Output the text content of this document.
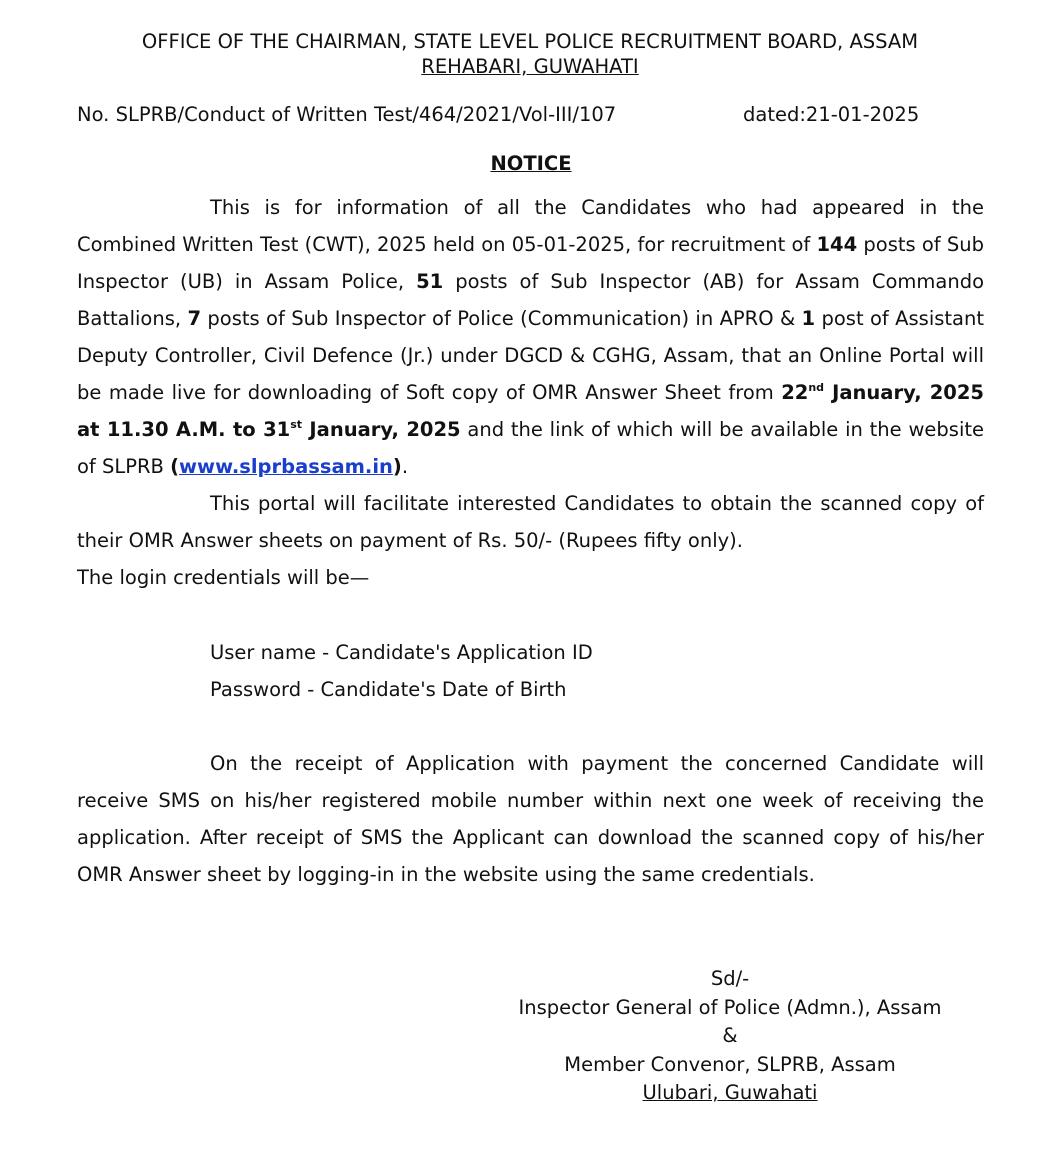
OFFICE OF THE CHAIRMAN, STATE LEVEL POLICE RECRUITMENT BOARD, ASSAM
REHABARI, GUWAHATI
No. SLPRB/Conduct of Written Test/464/2021/Vol-III/107	dated:21-01-2025
NOTICE

This is for information of all the Candidates who had appeared in the Combined Written Test (CWT), 2025 held on 05-01-2025, for recruitment of 144 posts of Sub Inspector (UB) in Assam Police, 51 posts of Sub Inspector (AB) for Assam Commando Battalions, 7 posts of Sub Inspector of Police (Communication) in APRO & 1 post of Assistant Deputy Controller, Civil Defence (Jr.) under DGCD & CGHG, Assam, that an Online Portal will be made live for downloading of Soft copy of OMR Answer Sheet from 22nd January, 2025 at 11.30 A.M. to 31st January, 2025 and the link of which will be available in the website of SLPRB (www.slprbassam.in).

This portal will facilitate interested Candidates to obtain the scanned copy of their OMR Answer sheets on payment of Rs. 50/- (Rupees fifty only).

The login credentials will be—

User name - Candidate's Application ID
Password - Candidate's Date of Birth

On the receipt of Application with payment the concerned Candidate will receive SMS on his/her registered mobile number within next one week of receiving the application. After receipt of SMS the Applicant can download the scanned copy of his/her OMR Answer sheet by logging-in in the website using the same credentials.

Sd/-
Inspector General of Police (Admn.), Assam
&
Member Convenor, SLPRB, Assam
Ulubari, Guwahati
